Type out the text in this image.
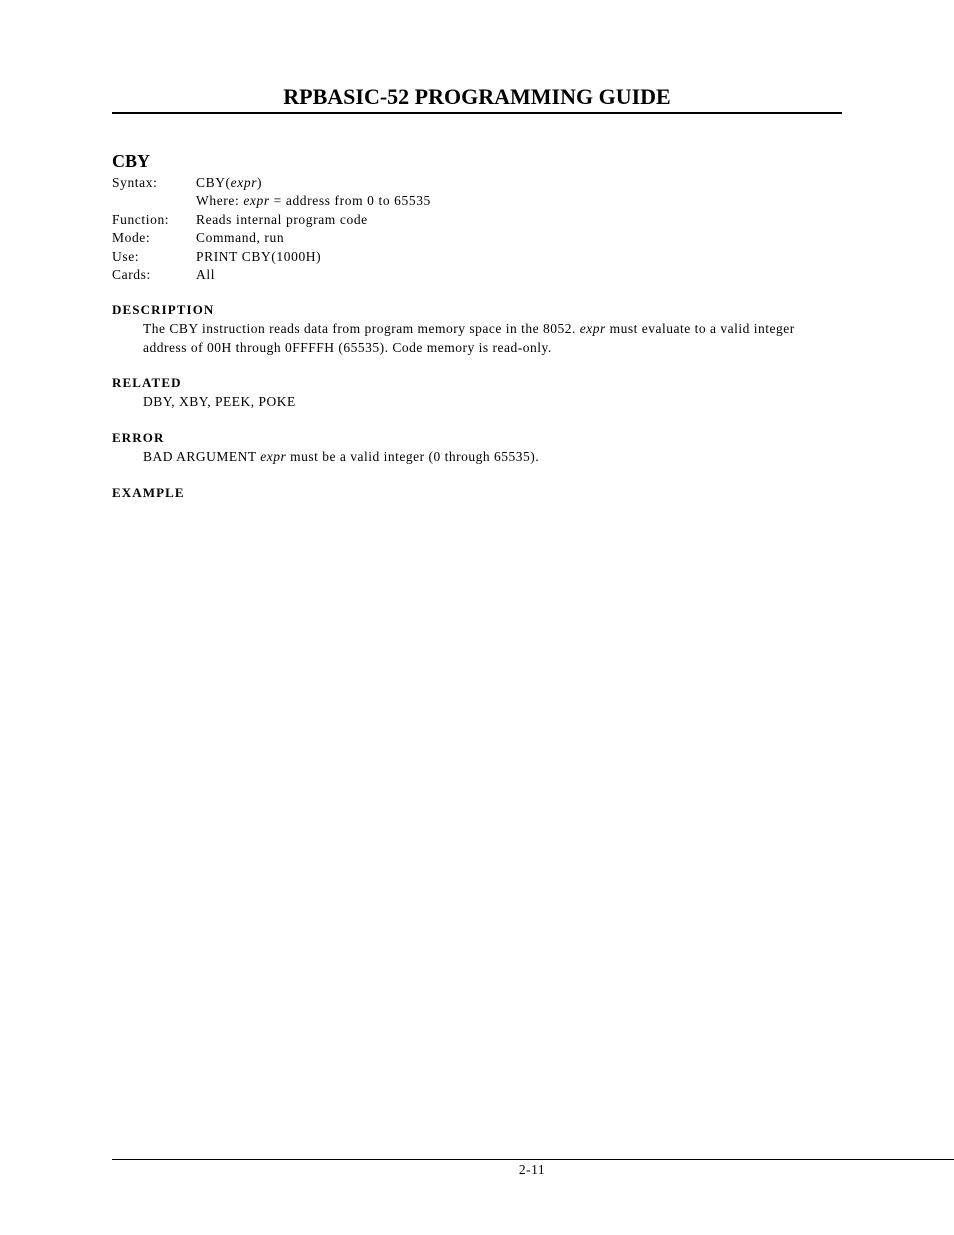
RPBASIC-52 PROGRAMMING GUIDE
CBY
Syntax:	CBY(expr)
Where: expr = address from 0 to 65535
Function:	Reads internal program code
Mode:	Command, run
Use:	PRINT CBY(1000H)
Cards:	All
DESCRIPTION
The CBY instruction reads data from program memory space in the 8052. expr must evaluate to a valid integer address of 00H through 0FFFFH (65535). Code memory is read-only.
RELATED
DBY, XBY, PEEK, POKE
ERROR
BAD ARGUMENT expr must be a valid integer (0 through 65535).
EXAMPLE
2-11
